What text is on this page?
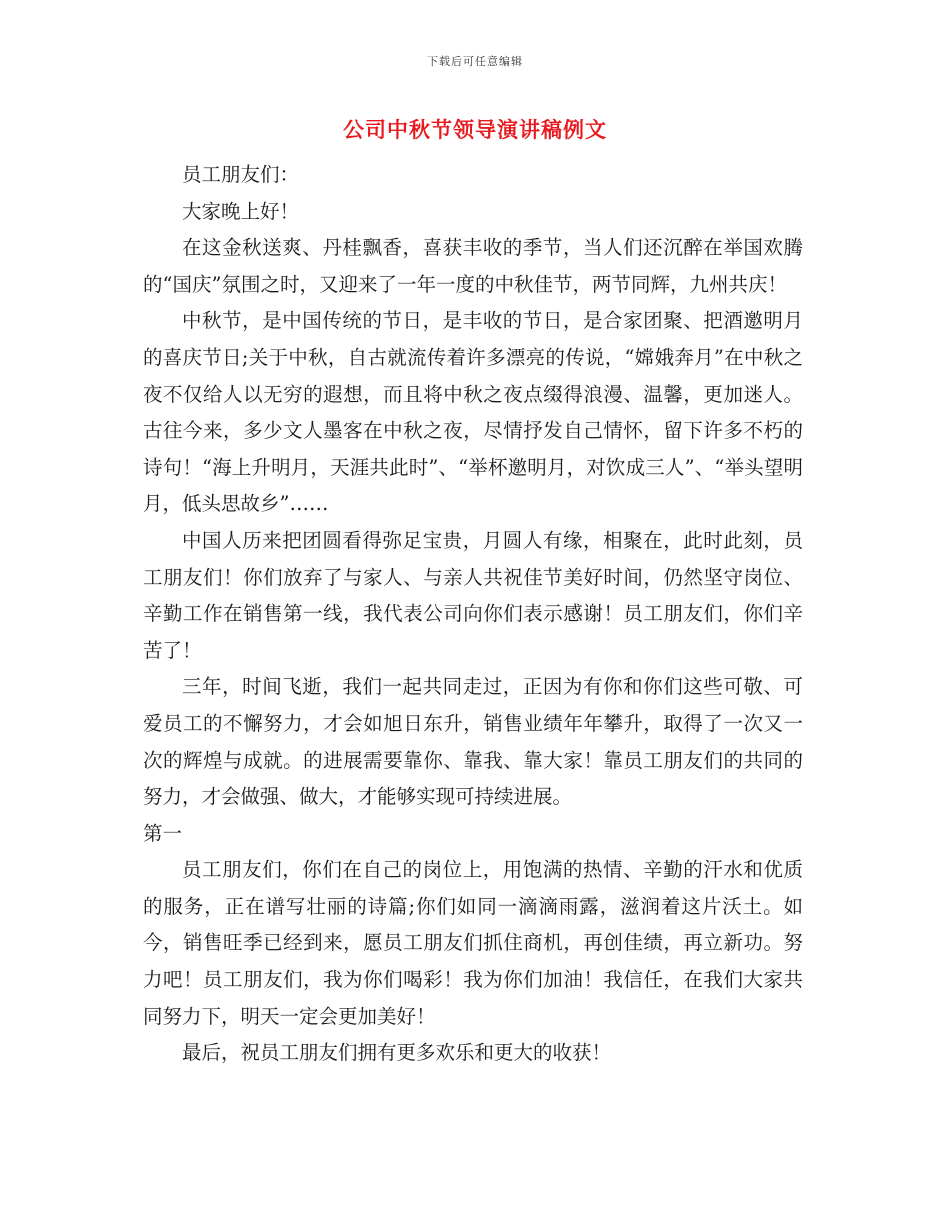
下载后可任意编辑
公司中秋节领导演讲稿例文

员工朋友们：

大家晚上好！

在这金秋送爽、丹桂飘香，喜获丰收的季节，当人们还沉醉在举国欢腾的“国庆”氛围之时，又迎来了一年一度的中秋佳节，两节同辉，九州共庆！

中秋节，是中国传统的节日，是丰收的节日，是合家团聚、把酒邀明月的喜庆节日;关于中秋，自古就流传着许多漂亮的传说，“嫦娥奔月”在中秋之夜不仅给人以无穷的遐想，而且将中秋之夜点缀得浪漫、温馨，更加迷人。古往今来，多少文人墨客在中秋之夜，尽情抒发自己情怀，留下许多不朽的诗句！“海上升明月，天涯共此时”、“举杯邀明月，对饮成三人”、“举头望明月，低头思故乡”……

中国人历来把团圆看得弥足宝贵，月圆人有缘，相聚在，此时此刻，员工朋友们！你们放弃了与家人、与亲人共祝佳节美好时间，仍然坚守岗位、辛勤工作在销售第一线，我代表公司向你们表示感谢！员工朋友们，你们辛苦了！

三年，时间飞逝，我们一起共同走过，正因为有你和你们这些可敬、可爱员工的不懈努力，才会如旭日东升，销售业绩年年攀升，取得了一次又一次的辉煌与成就。的进展需要靠你、靠我、靠大家！靠员工朋友们的共同的努力，才会做强、做大，才能够实现可持续进展。

第一

员工朋友们，你们在自己的岗位上，用饱满的热情、辛勤的汗水和优质的服务，正在谱写壮丽的诗篇;你们如同一滴滴雨露，滋润着这片沃土。如今，销售旺季已经到来，愿员工朋友们抓住商机，再创佳绩，再立新功。努力吧！员工朋友们，我为你们喝彩！我为你们加油！我信任，在我们大家共同努力下，明天一定会更加美好！

最后，祝员工朋友们拥有更多欢乐和更大的收获！
